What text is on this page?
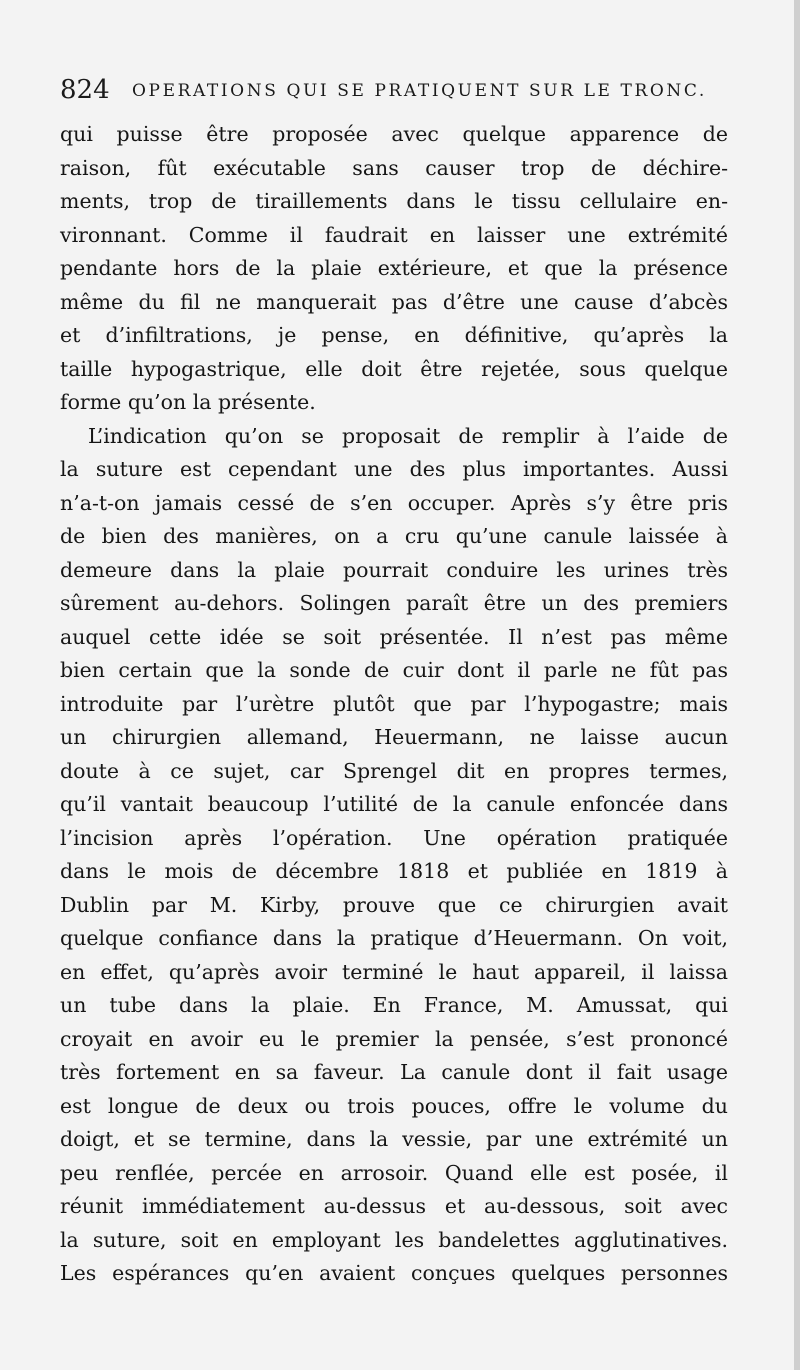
824 OPERATIONS QUI SE PRATIQUENT SUR LE TRONC.
qui puisse être proposée avec quelque apparence de
raison, fût exécutable sans causer trop de déchire-
ments, trop de tiraillements dans le tissu cellulaire en-
vironnant. Comme il faudrait en laisser une extrémité
pendante hors de la plaie extérieure, et que la présence
même du fil ne manquerait pas d’être une cause d’abcès
et d’infiltrations, je pense, en définitive, qu’après la
taille hypogastrique, elle doit être rejetée, sous quelque
forme qu’on la présente.
L’indication qu’on se proposait de remplir à l’aide de
la suture est cependant une des plus importantes. Aussi
n’a-t-on jamais cessé de s’en occuper. Après s’y être pris
de bien des manières, on a cru qu’une canule laissée à
demeure dans la plaie pourrait conduire les urines très
sûrement au-dehors. Solingen paraît être un des premiers
auquel cette idée se soit présentée. Il n’est pas même
bien certain que la sonde de cuir dont il parle ne fût pas
introduite par l’urètre plutôt que par l’hypogastre; mais
un chirurgien allemand, Heuermann, ne laisse aucun
doute à ce sujet, car Sprengel dit en propres termes,
qu’il vantait beaucoup l’utilité de la canule enfoncée dans
l’incision après l’opération. Une opération pratiquée
dans le mois de décembre 1818 et publiée en 1819 à
Dublin par M. Kirby, prouve que ce chirurgien avait
quelque confiance dans la pratique d’Heuermann. On voit,
en effet, qu’après avoir terminé le haut appareil, il laissa
un tube dans la plaie. En France, M. Amussat, qui
croyait en avoir eu le premier la pensée, s’est prononcé
très fortement en sa faveur. La canule dont il fait usage
est longue de deux ou trois pouces, offre le volume du
doigt, et se termine, dans la vessie, par une extrémité un
peu renflée, percée en arrosoir. Quand elle est posée, il
réunit immédiatement au-dessus et au-dessous, soit avec
la suture, soit en employant les bandelettes agglutinatives.
Les espérances qu’en avaient conçues quelques personnes
